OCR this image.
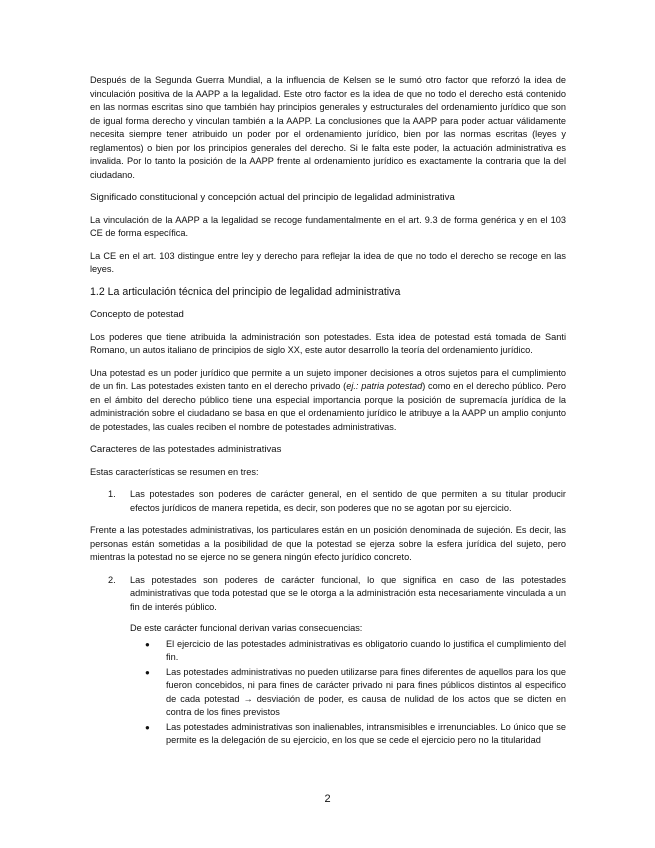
Después de la Segunda Guerra Mundial, a la influencia de Kelsen se le sumó otro factor que reforzó la idea de vinculación positiva de la AAPP a la legalidad. Este otro factor es la idea de que no todo el derecho está contenido en las normas escritas sino que también hay principios generales y estructurales del ordenamiento jurídico que son de igual forma derecho y vinculan también a la AAPP. La conclusiones que la AAPP para poder actuar válidamente necesita siempre tener atribuido un poder por el ordenamiento jurídico, bien por las normas escritas (leyes y reglamentos) o bien por los principios generales del derecho. Si le falta este poder, la actuación administrativa es invalida. Por lo tanto la posición de la AAPP frente al ordenamiento jurídico es exactamente la contraria que la del ciudadano.

Significado constitucional y concepción actual del principio de legalidad administrativa

La vinculación de la AAPP a la legalidad se recoge fundamentalmente en el art. 9.3 de forma genérica y en el 103 CE de forma específica.

La CE en el art. 103 distingue entre ley y derecho para reflejar la idea de que no todo el derecho se recoge en las leyes.

1.2 La articulación técnica del principio de legalidad administrativa
Concepto de potestad

Los poderes que tiene atribuida la administración son potestades. Esta idea de potestad está tomada de Santi Romano, un autos italiano de principios de siglo XX, este autor desarrollo la teoría del ordenamiento jurídico.

Una potestad es un poder jurídico que permite a un sujeto imponer decisiones a otros sujetos para el cumplimiento de un fin. Las potestades existen tanto en el derecho privado (ej.: patria potestad) como en el derecho público. Pero en el ámbito del derecho público tiene una especial importancia porque la posición de supremacía jurídica de la administración sobre el ciudadano se basa en que el ordenamiento jurídico le atribuye a la AAPP un amplio conjunto de potestades, las cuales reciben el nombre de potestades administrativas.

Caracteres de las potestades administrativas

Estas características se resumen en tres:

1.	Las potestades son poderes de carácter general, en el sentido de que permiten a su titular producir efectos jurídicos de manera repetida, es decir, son poderes que no se agotan por su ejercicio.

Frente a las potestades administrativas, los particulares están en un posición denominada de sujeción. Es decir, las personas están sometidas a la posibilidad de que la potestad se ejerza sobre la esfera jurídica del sujeto, pero mientras la potestad no se ejerce no se genera ningún efecto jurídico concreto.

2.	Las potestades son poderes de carácter funcional, lo que significa en caso de las potestades administrativas que toda potestad que se le otorga a la administración esta necesariamente vinculada a un fin de interés público.
De este carácter funcional derivan varias consecuencias:
●	El ejercicio de las potestades administrativas es obligatorio cuando lo justifica el cumplimiento del fin.
●	Las potestades administrativas no pueden utilizarse para fines diferentes de aquellos para los que fueron concebidos, ni para fines de carácter privado ni para fines públicos distintos al especifico de cada potestad → desviación de poder, es causa de nulidad de los actos que se dicten en contra de los fines previstos
●	Las potestades administrativas son inalienables, intransmisibles e irrenunciables. Lo único que se permite es la delegación de su ejercicio, en los que se cede el ejercicio pero no la titularidad
2
